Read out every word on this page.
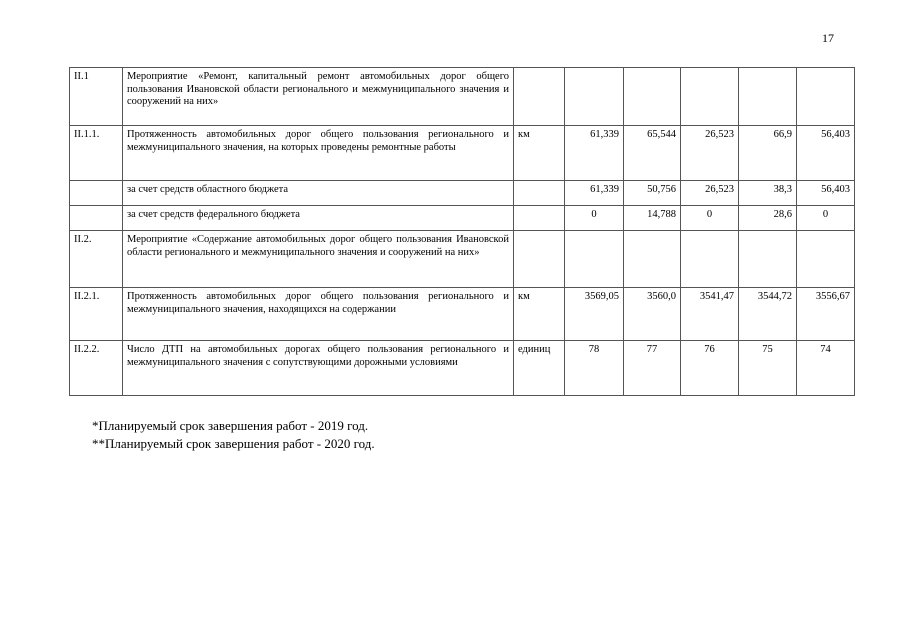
17
II.1	Мероприятие «Ремонт, капитальный ремонт автомобильных дорог общего пользования Ивановской области регионального и межмуниципального значения и сооружений на них»						
II.1.1.	Протяженность автомобильных дорог общего пользования регионального и межмуниципального значения, на которых проведены ремонтные работы	км	61,339	65,544	26,523	66,9	56,403
	за счет средств областного бюджета		61,339	50,756	26,523	38,3	56,403
	за счет средств федерального бюджета		0	14,788	0	28,6	0
II.2.	Мероприятие «Содержание автомобильных дорог общего пользования Ивановской области регионального и межмуниципального значения и сооружений на них»						
II.2.1.	Протяженность автомобильных дорог общего пользования регионального и межмуниципального значения, находящихся на содержании	км	3569,05	3560,0	3541,47	3544,72	3556,67
II.2.2.	Число ДТП на автомобильных дорогах общего пользования регионального и межмуниципального значения с сопутствующими дорожными условиями	единиц	78	77	76	75	74
*Планируемый срок завершения работ - 2019 год.
**Планируемый срок завершения работ - 2020 год.
